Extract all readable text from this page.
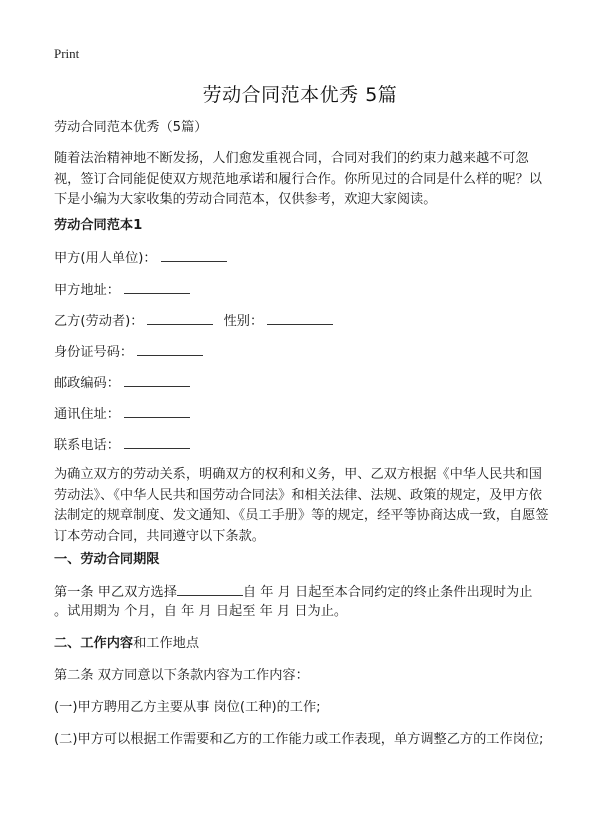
Print
劳动合同范本优秀 5篇
劳动合同范本优秀（5篇）
随着法治精神地不断发扬，人们愈发重视合同，合同对我们的约束力越来越不可忽视，签订合同能促使双方规范地承诺和履行合作。你所见过的合同是什么样的呢？以下是小编为大家收集的劳动合同范本，仅供参考，欢迎大家阅读。
劳动合同范本1
甲方(用人单位)：
甲方地址：
乙方(劳动者)：	性别：
身份证号码：
邮政编码：
通讯住址：
联系电话：
为确立双方的劳动关系，明确双方的权利和义务，甲、乙双方根据《中华人民共和国劳动法》、《中华人民共和国劳动合同法》和相关法律、法规、政策的规定，及甲方依法制定的规章制度、发文通知、《员工手册》等的规定，经平等协商达成一致，自愿签订本劳动合同，共同遵守以下条款。
一、劳动合同期限
第一条 甲乙双方选择	自 年 月 日起至本合同约定的终止条件出现时为止
。试用期为 个月，自 年 月 日起至 年 月 日为止。
二、工作内容和工作地点
第二条 双方同意以下条款内容为工作内容：
(一)甲方聘用乙方主要从事 岗位(工种)的工作;
(二)甲方可以根据工作需要和乙方的工作能力或工作表现，单方调整乙方的工作岗位;
